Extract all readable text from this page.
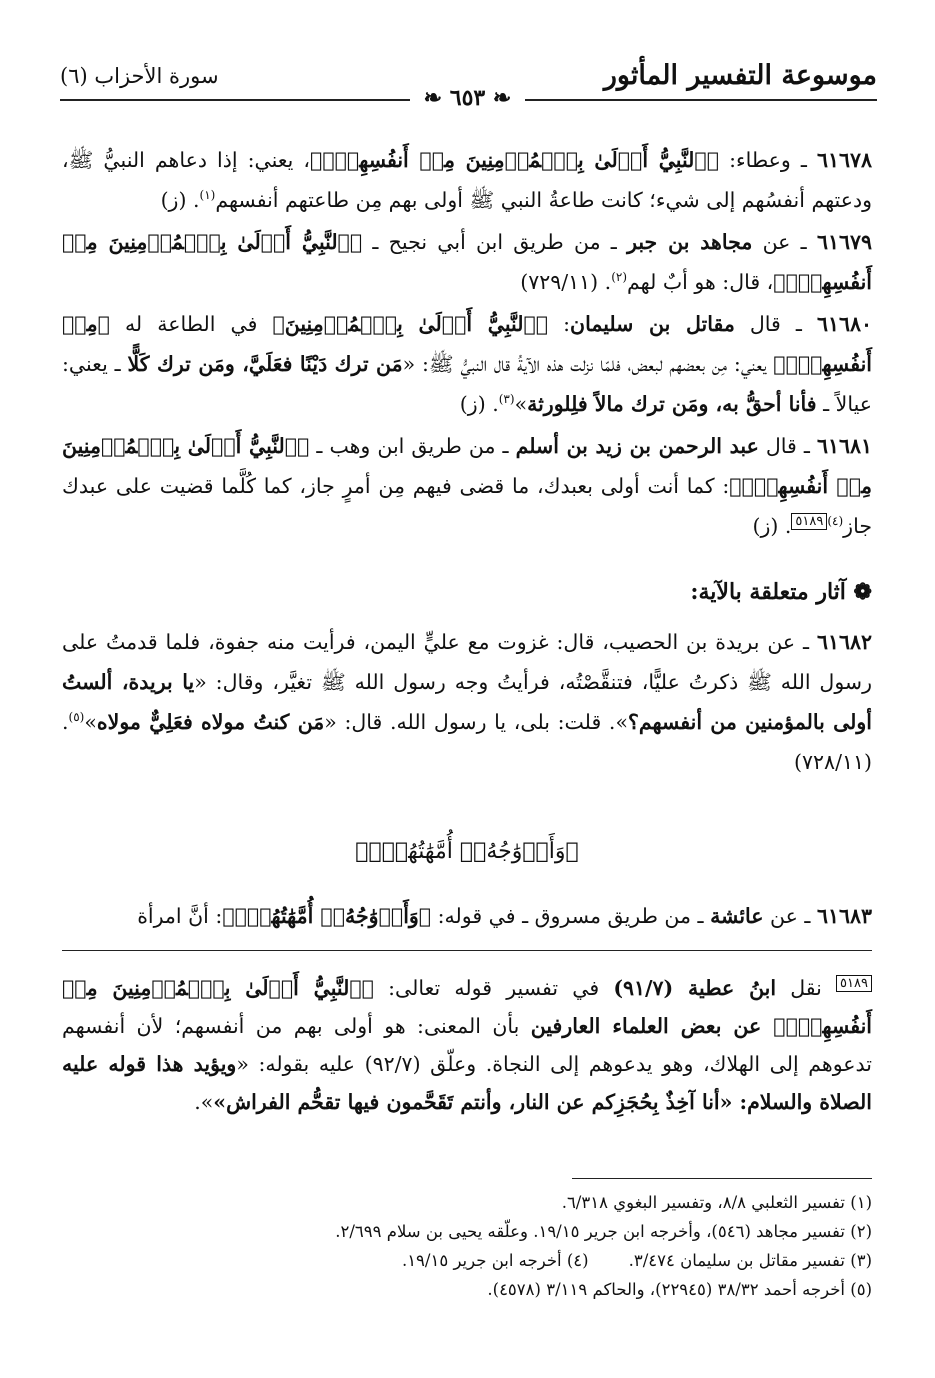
موسوعة التفسير المأثور
سورة الأحزاب (٦)
❧ ٦٥٣ ❧

٦١٦٧٨ ـ وعطاء: ﴿ٱلنَّبِيُّ أَوۡلَىٰ بِٱلۡمُؤۡمِنِينَ مِنۡ أَنفُسِهِمۡۖ﴾، يعني: إذا دعاهم النبيُّ ﷺ، ودعتهم أنفسُهم إلى شيء؛ كانت طاعةُ النبي ﷺ أولى بهم مِن طاعتهم أنفسهم$^{(١)}$. (ز)

٦١٦٧٩ ـ عن مجاهد بن جبر ـ من طريق ابن أبي نجيح ـ ﴿ٱلنَّبِيُّ أَوۡلَىٰ بِٱلۡمُؤۡمِنِينَ مِنۡ أَنفُسِهِمۡۖ﴾، قال: هو أبٌ لهم$^{(٢)}$. (٧٢٩/١١)

٦١٦٨٠ ـ قال مقاتل بن سليمان: ﴿ٱلنَّبِيُّ أَوۡلَىٰ بِٱلۡمُؤۡمِنِينَ﴾ في الطاعة له ﴿مِنۡ أَنفُسِهِمۡۖ﴾ يعني: مِن بعضهم لبعض، فلمّا نزلت هذه الآيةُ قال النبيُّ ﷺ: «مَن ترك دَيْنًا فعَلَيَّ، ومَن ترك كَلًّا ـ يعني: عيالاً ـ فأنا أحقُّ به، ومَن ترك مالاً فلِلورثة»$^{(٣)}$. (ز)

٦١٦٨١ ـ قال عبد الرحمن بن زيد بن أسلم ـ من طريق ابن وهب ـ ﴿ٱلنَّبِيُّ أَوۡلَىٰ بِٱلۡمُؤۡمِنِينَ مِنۡ أَنفُسِهِمۡۖ﴾: كما أنت أولى بعبدك، ما قضى فيهم مِن أمرٍ جاز، كما كُلَّما قضيت على عبدك جاز$^{(٤)٥١٨٩}$. (ز)

❁ آثار متعلقة بالآية:

٦١٦٨٢ ـ عن بريدة بن الحصيب، قال: غزوت مع عليٍّ اليمن، فرأيت منه جفوة، فلما قدمتُ على رسول الله ﷺ ذكرتُ عليًّا، فتنقَّصْتُه، فرأيتُ وجه رسول الله ﷺ تغيَّر، وقال: «يا بريدة، ألستُ أولى بالمؤمنين من أنفسهم؟». قلت: بلى، يا رسول الله. قال: «مَن كنتُ مولاه فعَلِيٌّ مولاه»$^{(٥)}$. (٧٢٨/١١)

﴿وَأَزۡوَٰجُهُۥٓ أُمَّهَٰتُهُمۡۗ﴾

٦١٦٨٣ ـ عن عائشة ـ من طريق مسروق ـ في قوله: ﴿وَأَزۡوَٰجُهُۥٓ أُمَّهَٰتُهُمۡۗ﴾: أنَّ امرأة

$^{٥١٨٩}$ نقل ابنُ عطية (٩١/٧) في تفسير قوله تعالى: ﴿ٱلنَّبِيُّ أَوۡلَىٰ بِٱلۡمُؤۡمِنِينَ مِنۡ أَنفُسِهِمۡۖ﴾ عن بعض العلماء العارفين بأن المعنى: هو أولى بهم من أنفسهم؛ لأن أنفسهم تدعوهم إلى الهلاك، وهو يدعوهم إلى النجاة. وعلّق (٩٢/٧) عليه بقوله: «ويؤيد هذا قوله عليه الصلاة والسلام: «أنا آخِذٌ بِحُجَزِكم عن النار، وأنتم تَقَحَّمون فيها تقحُّم الفراش»».

(١) تفسير الثعلبي ٨/٨، وتفسير البغوي ٦/٣١٨.
(٢) تفسير مجاهد (٥٤٦)، وأخرجه ابن جرير ١٩/١٥. وعلّقه يحيى بن سلام ٢/٦٩٩.
(٣) تفسير مقاتل بن سليمان ٣/٤٧٤.
(٤) أخرجه ابن جرير ١٩/١٥.
(٥) أخرجه أحمد ٣٨/٣٢ (٢٢٩٤٥)، والحاكم ٣/١١٩ (٤٥٧٨).
